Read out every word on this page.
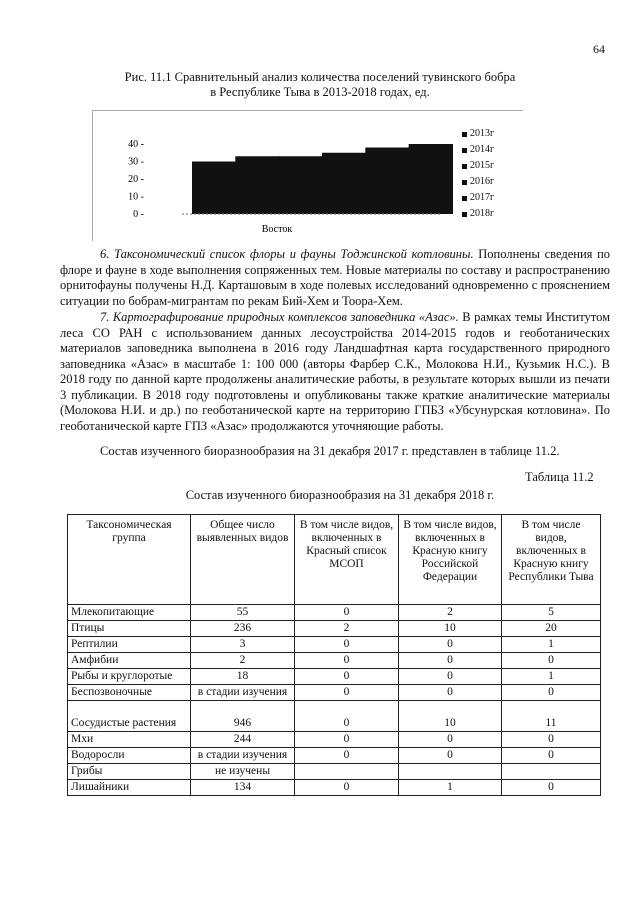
64
Рис. 11.1 Сравнительный анализ количества поселений тувинского бобра
в Республике Тыва в 2013-2018 годах, ед.
40 -
30 -
20 -
10 -
0 -
Восток
2013г
2014г
2015г
2016г
2017г
2018г
6. Таксономический список флоры и фауны Тоджинской котловины. Пополнены сведения по флоре и фауне в ходе выполнения сопряженных тем. Новые материалы по составу и распространению орнитофауны получены Н.Д. Карташовым в ходе полевых исследований одновременно с прояснением ситуации по бобрам-мигрантам по рекам Бий-Хем и Тоора-Хем.
7. Картографирование природных комплексов заповедника «Азас». В рамках темы Институтом леса СО РАН с использованием данных лесоустройства 2014-2015 годов и геоботанических материалов заповедника выполнена в 2016 году Ландшафтная карта государственного природного заповедника «Азас» в масштабе 1: 100 000 (авторы Фарбер С.К., Молокова Н.И., Кузьмик Н.С.). В 2018 году по данной карте продолжены аналитические работы, в результате которых вышли из печати 3 публикации. В 2018 году подготовлены и опубликованы также краткие аналитические материалы (Молокова Н.И. и др.) по геоботанической карте на территорию ГПБЗ «Убсунурская котловина». По геоботанической карте ГПЗ «Азас» продолжаются уточняющие работы.
Состав изученного биоразнообразия на 31 декабря 2017 г. представлен в таблице 11.2.
Таблица 11.2
Состав изученного биоразнообразия на 31 декабря 2018 г.
Таксономическая группа	Общее число выявленных видов	В том числе видов, включенных в Красный список МСОП	В том числе видов, включенных в Красную книгу Российской Федерации	В том числе видов, включенных в Красную книгу Республики Тыва
Млекопитающие	55	0	2	5
Птицы	236	2	10	20
Рептилии	3	0	0	1
Амфибии	2	0	0	0
Рыбы и круглоротые	18	0	0	1
Беспозвоночные	в стадии изучения	0	0	0
Сосудистые растения	946	0	10	11
Мхи	244	0	0	0
Водоросли	в стадии изучения	0	0	0
Грибы	не изучены			
Лишайники	134	0	1	0
